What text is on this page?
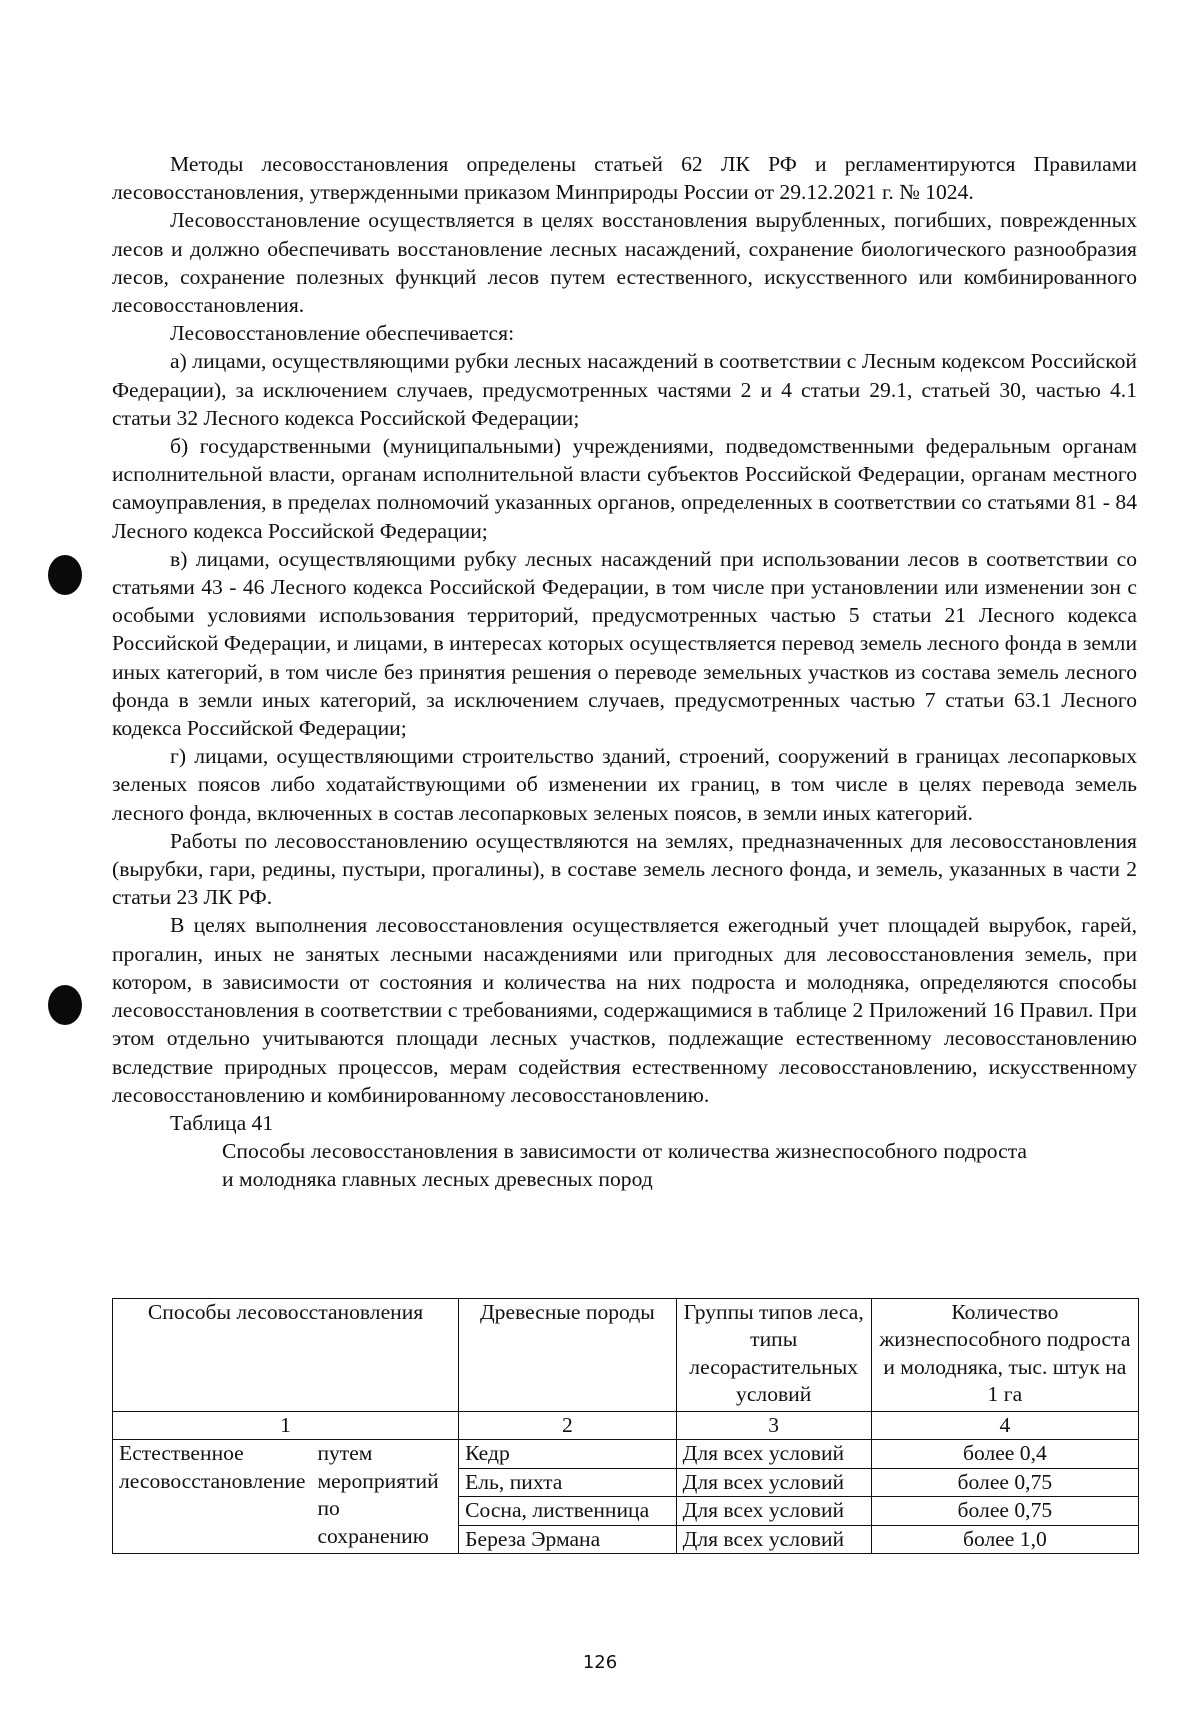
Методы лесовосстановления определены статьей 62 ЛК РФ и регламентируются Правилами лесовосстановления, утвержденными приказом Минприроды России от 29.12.2021 г. № 1024.

Лесовосстановление осуществляется в целях восстановления вырубленных, погибших, поврежденных лесов и должно обеспечивать восстановление лесных насаждений, сохранение биологического разнообразия лесов, сохранение полезных функций лесов путем естественного, искусственного или комбинированного лесовосстановления.

Лесовосстановление обеспечивается:

а) лицами, осуществляющими рубки лесных насаждений в соответствии с Лесным кодексом Российской Федерации), за исключением случаев, предусмотренных частями 2 и 4 статьи 29.1, статьей 30, частью 4.1 статьи 32 Лесного кодекса Российской Федерации;

б) государственными (муниципальными) учреждениями, подведомственными федеральным органам исполнительной власти, органам исполнительной власти субъектов Российской Федерации, органам местного самоуправления, в пределах полномочий указанных органов, определенных в соответствии со статьями 81 - 84 Лесного кодекса Российской Федерации;

в) лицами, осуществляющими рубку лесных насаждений при использовании лесов в соответствии со статьями 43 - 46 Лесного кодекса Российской Федерации, в том числе при установлении или изменении зон с особыми условиями использования территорий, предусмотренных частью 5 статьи 21 Лесного кодекса Российской Федерации, и лицами, в интересах которых осуществляется перевод земель лесного фонда в земли иных категорий, в том числе без принятия решения о переводе земельных участков из состава земель лесного фонда в земли иных категорий, за исключением случаев, предусмотренных частью 7 статьи 63.1 Лесного кодекса Российской Федерации;

г) лицами, осуществляющими строительство зданий, строений, сооружений в границах лесопарковых зеленых поясов либо ходатайствующими об изменении их границ, в том числе в целях перевода земель лесного фонда, включенных в состав лесопарковых зеленых поясов, в земли иных категорий.

Работы по лесовосстановлению осуществляются на землях, предназначенных для лесовосстановления (вырубки, гари, редины, пустыри, прогалины), в составе земель лесного фонда, и земель, указанных в части 2 статьи 23 ЛК РФ.

В целях выполнения лесовосстановления осуществляется ежегодный учет площадей вырубок, гарей, прогалин, иных не занятых лесными насаждениями или пригодных для лесовосстановления земель, при котором, в зависимости от состояния и количества на них подроста и молодняка, определяются способы лесовосстановления в соответствии с требованиями, содержащимися в таблице 2 Приложений 16 Правил. При этом отдельно учитываются площади лесных участков, подлежащие естественному лесовосстановлению вследствие природных процессов, мерам содействия естественному лесовосстановлению, искусственному лесовосстановлению и комбинированному лесовосстановлению.

Таблица 41

Способы лесовосстановления в зависимости от количества жизнеспособного подроста и молодняка главных лесных древесных пород

Способы лесовосстановления		Древесные породы	Группы типов леса, типы лесорастительных условий	Количество жизнеспособного подроста и молодняка, тыс. штук на 1 га
1		2	3	4
Естественное лесовосстановление	путем мероприятий по сохранению	Кедр	Для всех условий	более 0,4
		Ель, пихта	Для всех условий	более 0,75
		Сосна, лиственница	Для всех условий	более 0,75
		Береза Эрмана	Для всех условий	более 1,0
126
